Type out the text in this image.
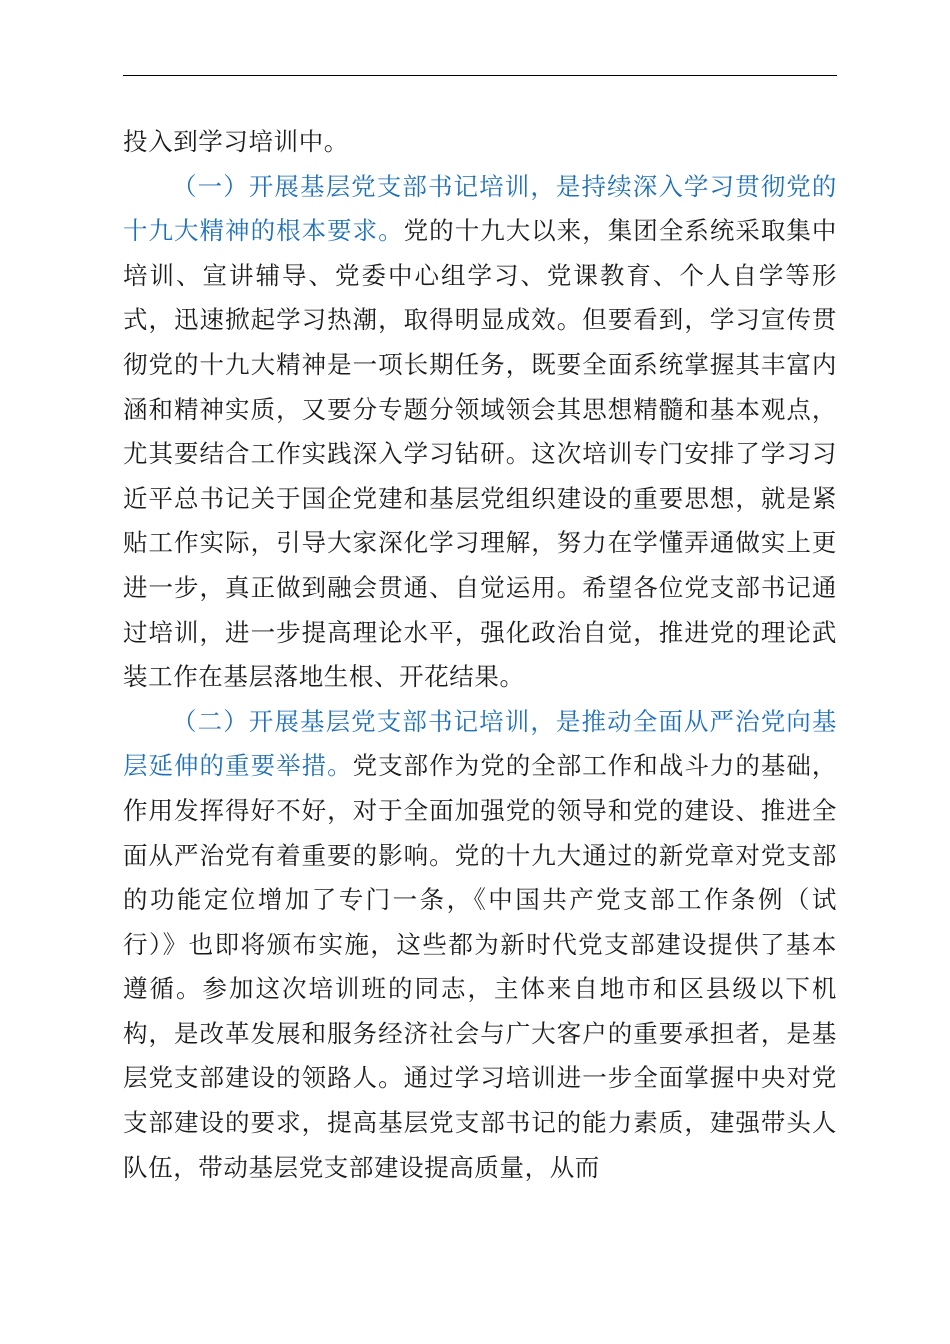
投入到学习培训中。

（一）开展基层党支部书记培训，是持续深入学习贯彻党的十九大精神的根本要求。党的十九大以来，集团全系统采取集中培训、宣讲辅导、党委中心组学习、党课教育、个人自学等形式，迅速掀起学习热潮，取得明显成效。但要看到，学习宣传贯彻党的十九大精神是一项长期任务，既要全面系统掌握其丰富内涵和精神实质，又要分专题分领域领会其思想精髓和基本观点，尤其要结合工作实践深入学习钻研。这次培训专门安排了学习习近平总书记关于国企党建和基层党组织建设的重要思想，就是紧贴工作实际，引导大家深化学习理解，努力在学懂弄通做实上更进一步，真正做到融会贯通、自觉运用。希望各位党支部书记通过培训，进一步提高理论水平，强化政治自觉，推进党的理论武装工作在基层落地生根、开花结果。

（二）开展基层党支部书记培训，是推动全面从严治党向基层延伸的重要举措。党支部作为党的全部工作和战斗力的基础，作用发挥得好不好，对于全面加强党的领导和党的建设、推进全面从严治党有着重要的影响。党的十九大通过的新党章对党支部的功能定位增加了专门一条，《中国共产党支部工作条例（试行）》也即将颁布实施，这些都为新时代党支部建设提供了基本遵循。参加这次培训班的同志，主体来自地市和区县级以下机构，是改革发展和服务经济社会与广大客户的重要承担者，是基层党支部建设的领路人。通过学习培训进一步全面掌握中央对党支部建设的要求，提高基层党支部书记的能力素质，建强带头人队伍，带动基层党支部建设提高质量，从而
